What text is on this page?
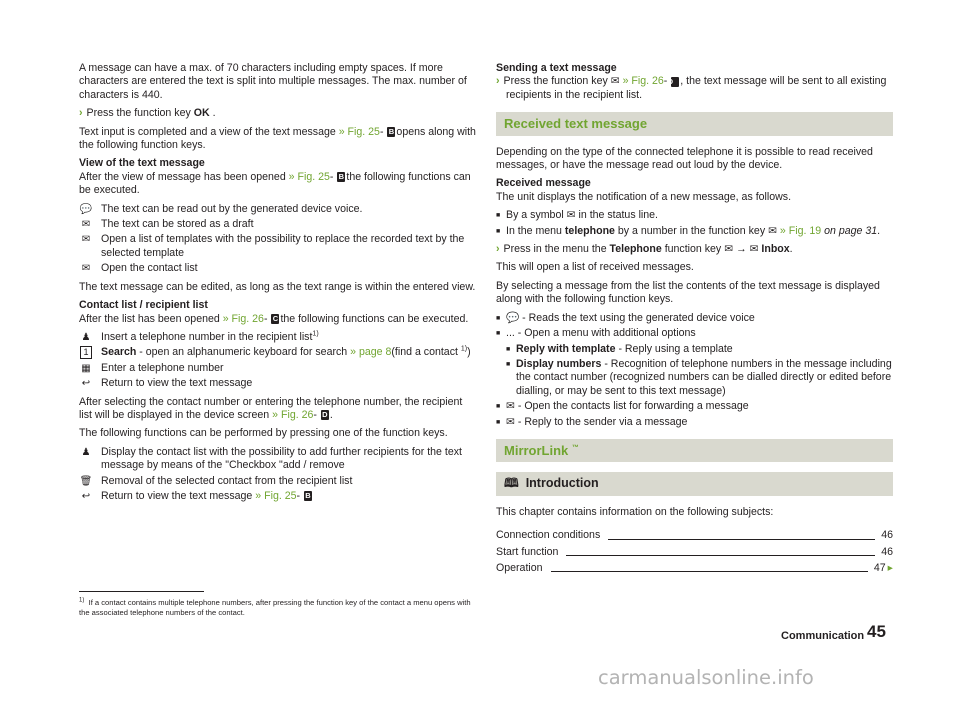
A message can have a max. of 70 characters including empty spaces. If more characters are entered the text is split into multiple messages. The max. number of characters is 440.

› Press the function key OK .

Text input is completed and a view of the text message » Fig. 25- B opens along with the following function keys.

View of the text message

After the view of message has been opened » Fig. 25- B the following functions can be executed.

💬 The text can be read out by the generated device voice.
✉ The text can be stored as a draft
✉ Open a list of templates with the possibility to replace the recorded text by the selected template
✉ Open the contact list

The text message can be edited, as long as the text range is within the entered view.

Contact list / recipient list

After the list has been opened » Fig. 26- C the following functions can be executed.

♟ Insert a telephone number in the recipient list$^{1)}$
1	Search - open an alphanumeric keyboard for search » page 8(find a contact $^{1)}$)
▦ Enter a telephone number
↩ Return to view the text message

After selecting the contact number or entering the telephone number, the recipient list will be displayed in the device screen » Fig. 26- D .

The following functions can be performed by pressing one of the function keys.

♟ Display the contact list with the possibility to add further recipients for the text message by means of the "Checkbox "add / remove
🗑 Removal of the selected contact from the recipient list
↩ Return to view the text message » Fig. 25- B
Sending a text message

› Press the function key ✉ » Fig. 26- D , the text message will be sent to all existing recipients in the recipient list.

Received text message

Depending on the type of the connected telephone it is possible to read received messages, or have the message read out loud by the device.

Received message

The unit displays the notification of a new message, as follows.

■ By a symbol ✉ in the status line.
■ In the menu telephone by a number in the function key ✉ » Fig. 19 on page 31.

› Press in the menu the Telephone function key ✉ → ✉ Inbox.

This will open a list of received messages.

By selecting a message from the list the contents of the text message is displayed along with the following function keys.

■ 💬 - Reads the text using the generated device voice
■ ... - Open a menu with additional options
■ Reply with template - Reply using a template
■ Display numbers - Recognition of telephone numbers in the message including the contact number (recognized numbers can be dialled directly or edited before dialling, or may be sent to this text message)
■ ✉ - Open the contacts list for forwarding a message
■ ✉ - Reply to the sender via a message
MirrorLink ™
🕮 Introduction

This chapter contains information on the following subjects:

Connection conditions	46
Start function	46
Operation	47 ▸
$^{1)}$ If a contact contains multiple telephone numbers, after pressing the function key of the contact a menu opens with the associated telephone numbers of the contact.
Communication 45
carmanualsonline.info
